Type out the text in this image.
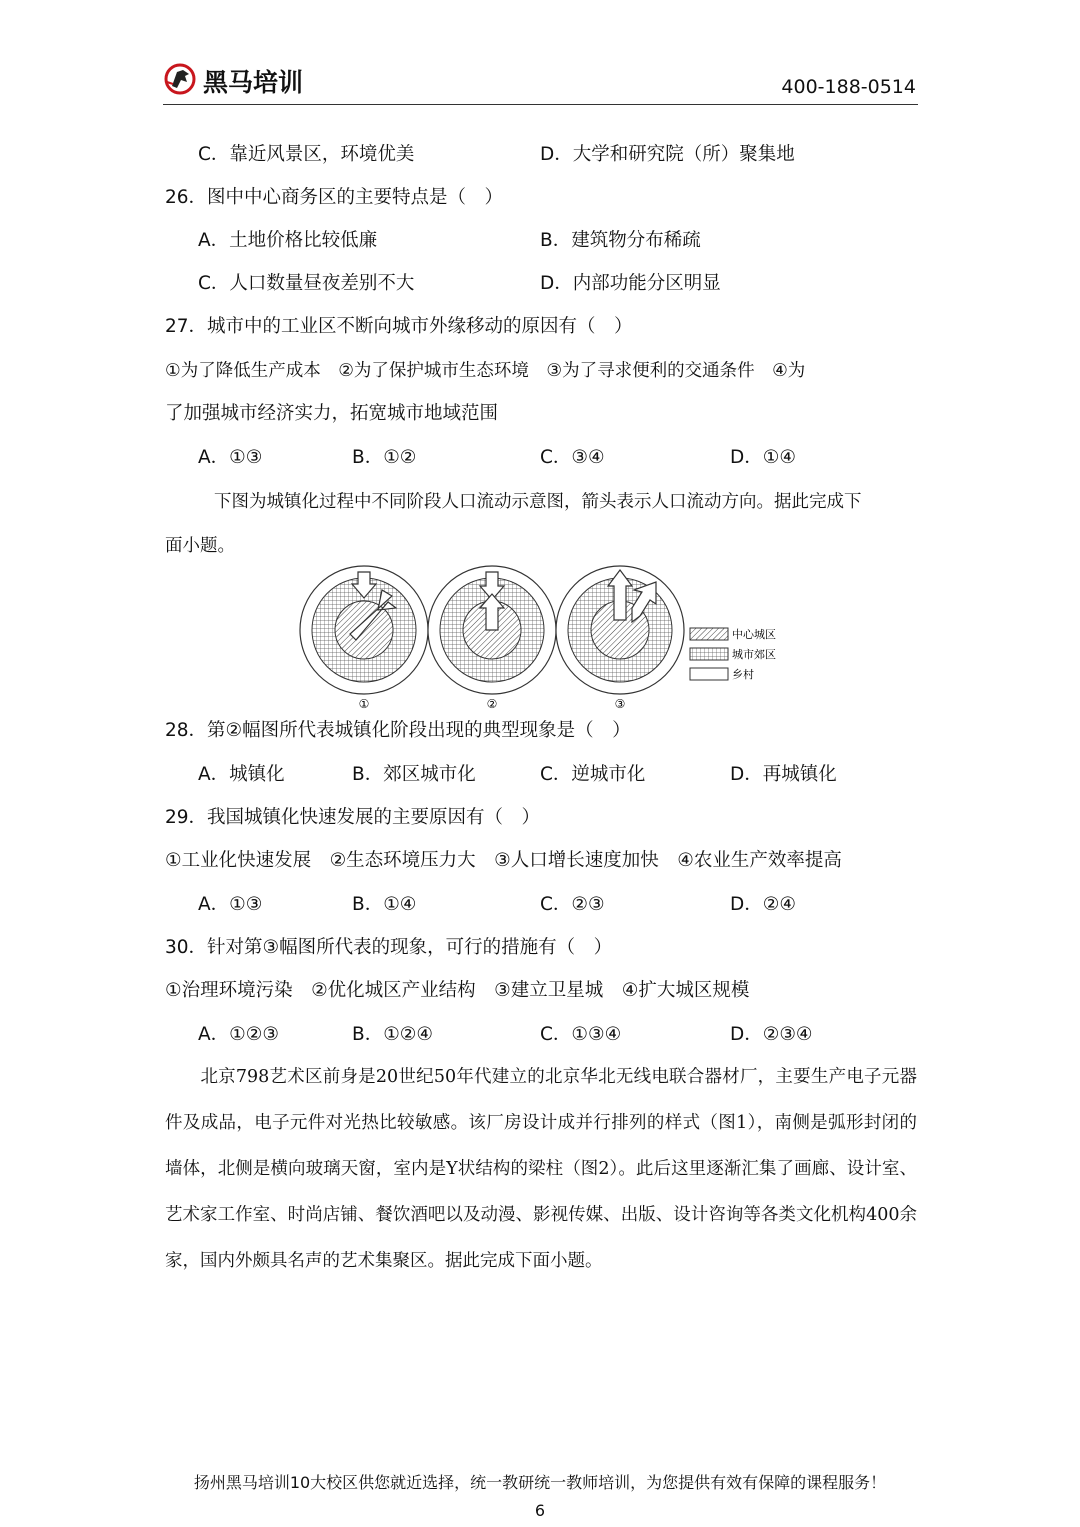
黑马培训	400-188-0514
C．靠近风景区，环境优美	D．大学和研究院（所）聚集地
26．图中中心商务区的主要特点是（　）
A．土地价格比较低廉	B．建筑物分布稀疏
C．人口数量昼夜差别不大	D．内部功能分区明显
27．城市中的工业区不断向城市外缘移动的原因有（　）
①为了降低生产成本　②为了保护城市生态环境　③为了寻求便利的交通条件　④为
了加强城市经济实力，拓宽城市地域范围
A．①③	B．①②	C．③④	D．①④
下图为城镇化过程中不同阶段人口流动示意图，箭头表示人口流动方向。据此完成下
面小题。
①	②	③
中心城区
城市郊区
乡村
28．第②幅图所代表城镇化阶段出现的典型现象是（　）
A．城镇化	B．郊区城市化	C．逆城市化	D．再城镇化
29．我国城镇化快速发展的主要原因有（　）
①工业化快速发展　②生态环境压力大　③人口增长速度加快　④农业生产效率提高
A．①③	B．①④	C．②③	D．②④
30．针对第③幅图所代表的现象，可行的措施有（　）
①治理环境污染　②优化城区产业结构　③建立卫星城　④扩大城区规模
A．①②③	B．①②④	C．①③④	D．②③④
　　北京798艺术区前身是20世纪50年代建立的北京华北无线电联合器材厂，主要生产电子元器件及成品，电子元件对光热比较敏感。该厂房设计成并行排列的样式（图1），南侧是弧形封闭的墙体，北侧是横向玻璃天窗，室内是Y状结构的梁柱（图2）。此后这里逐渐汇集了画廊、设计室、艺术家工作室、时尚店铺、餐饮酒吧以及动漫、影视传媒、出版、设计咨询等各类文化机构400余家，国内外颇具名声的艺术集聚区。据此完成下面小题。
扬州黑马培训10大校区供您就近选择，统一教研统一教师培训，为您提供有效有保障的课程服务！
6
